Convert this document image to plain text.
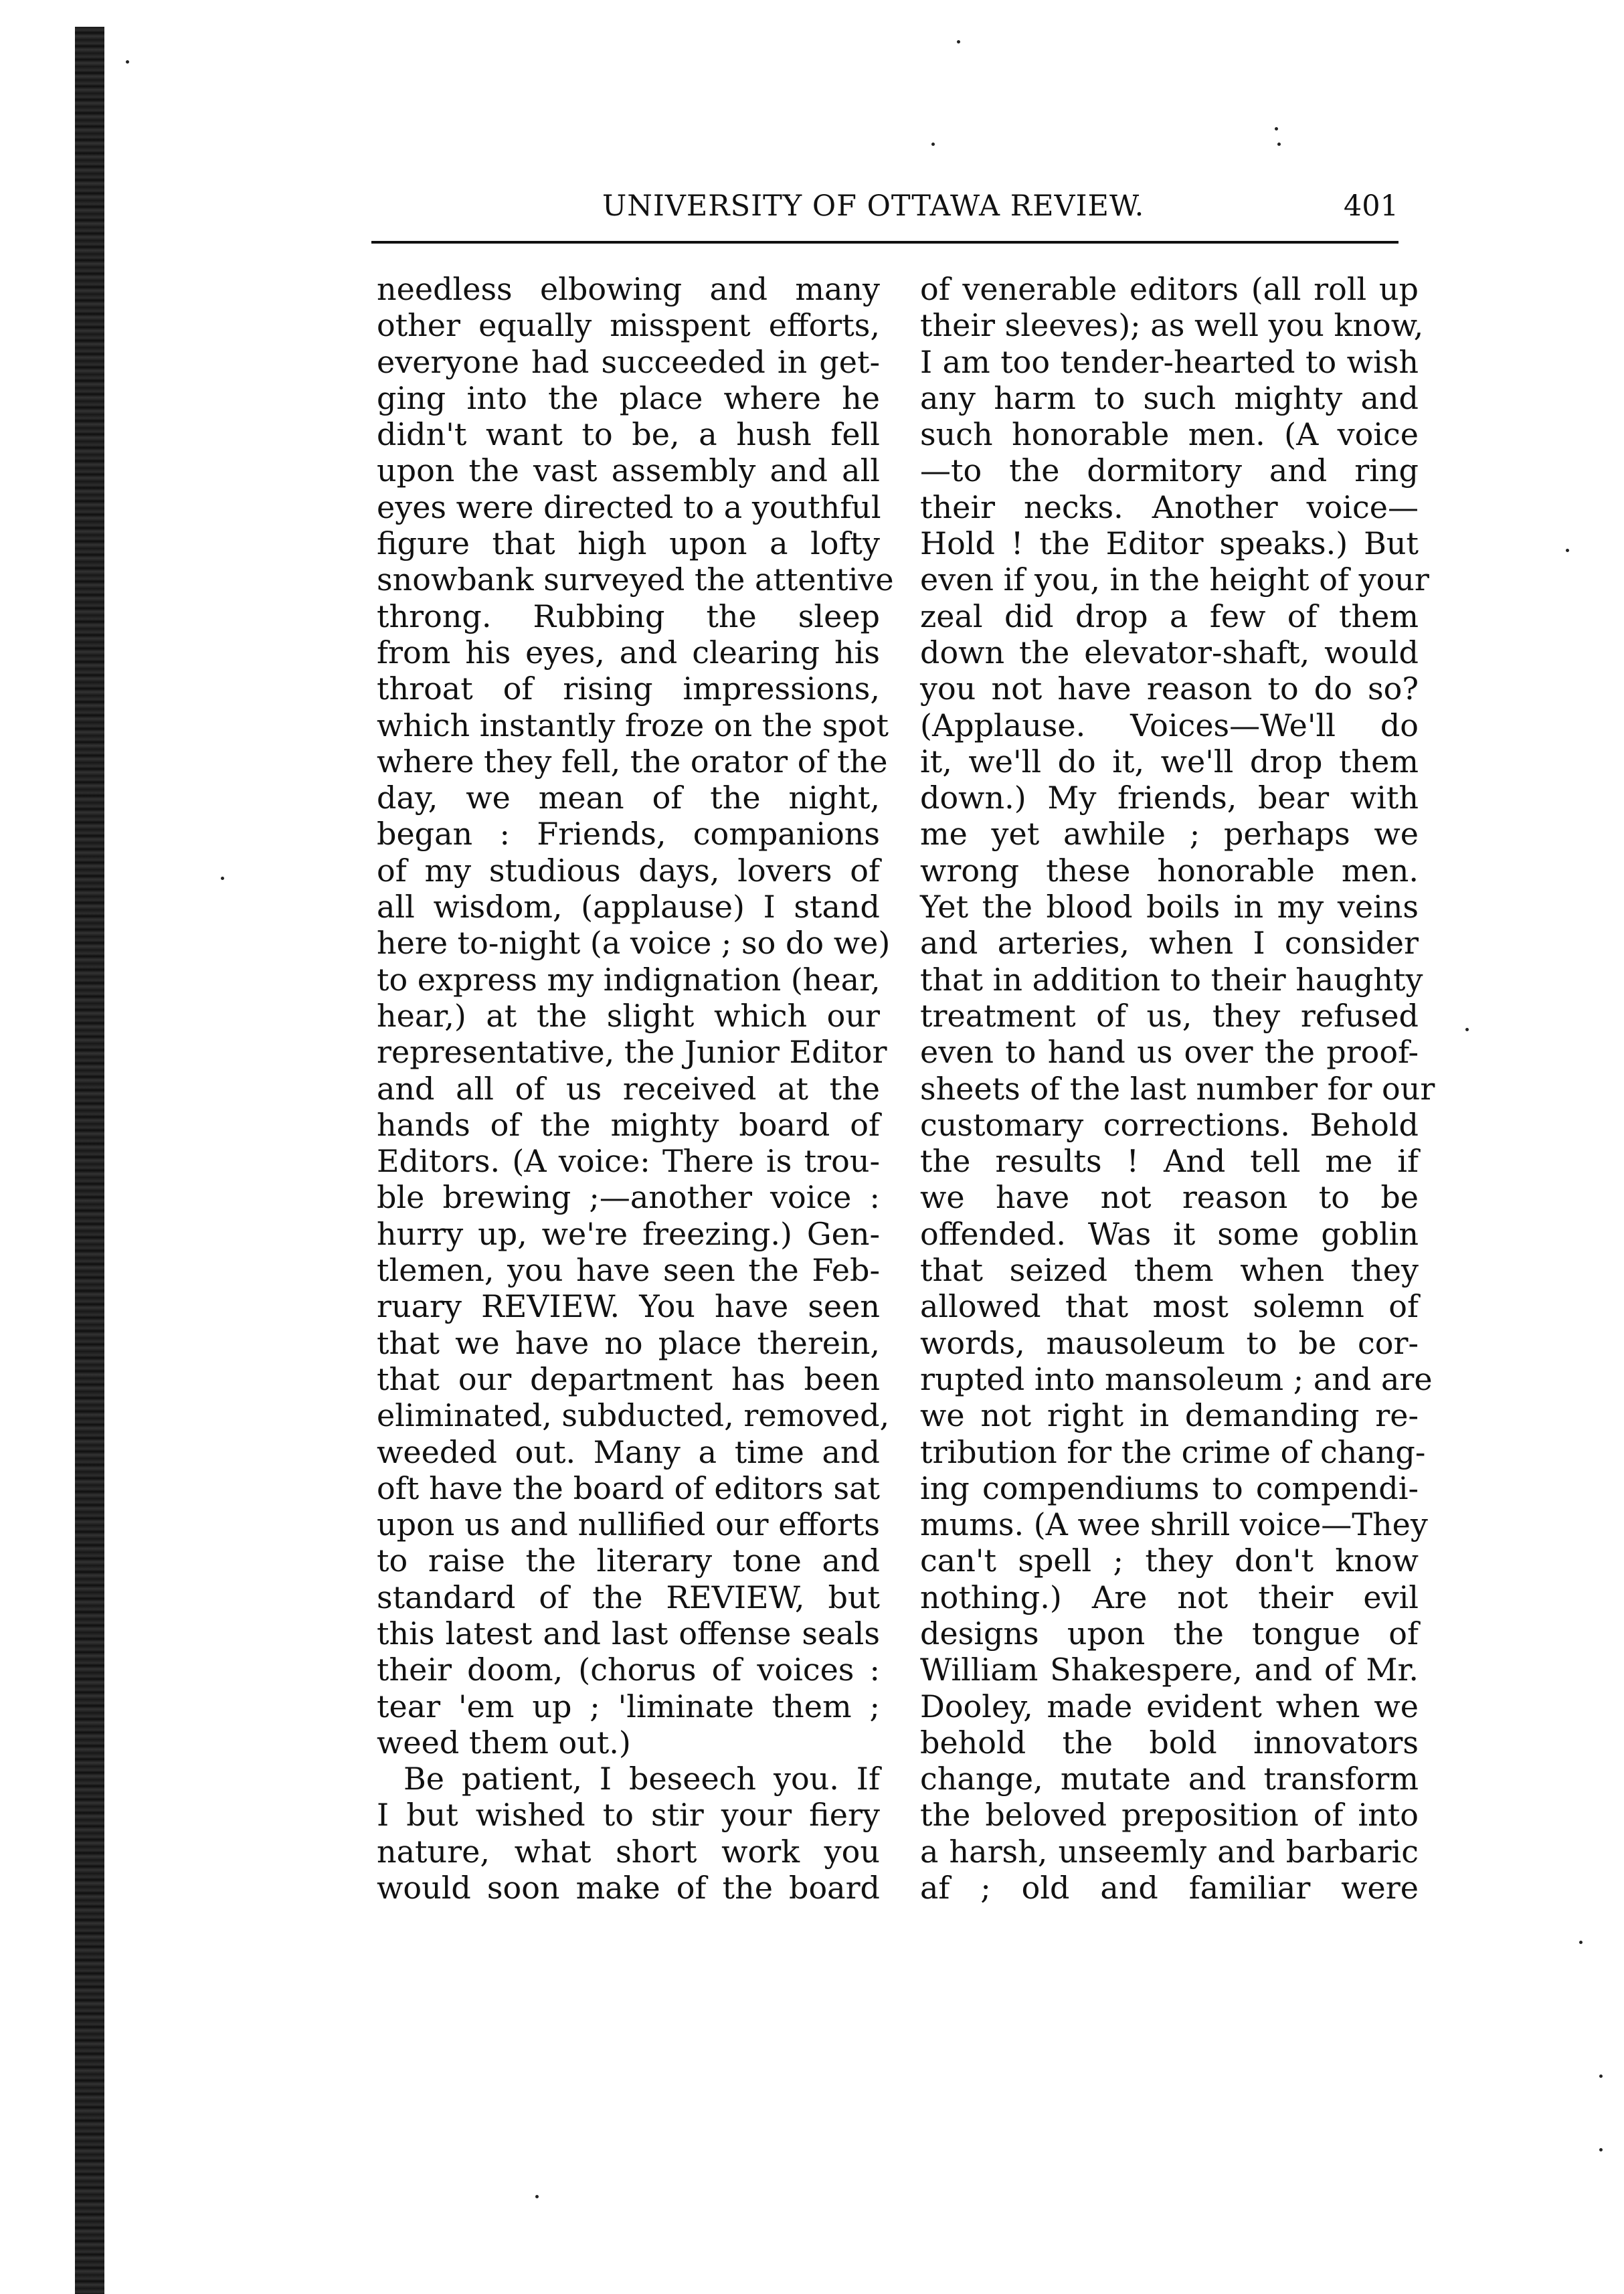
UNIVERSITY OF OTTAWA REVIEW.	401
needless elbowing and many
other equally misspent efforts,
everyone had succeeded in get-
ging into the place where he
didn't want to be, a hush fell
upon the vast assembly and all
eyes were directed to a youthful
figure that high upon a lofty
snowbank surveyed the attentive
throng. Rubbing the sleep
from his eyes, and clearing his
throat of rising impressions,
which instantly froze on the spot
where they fell, the orator of the
day, we mean of the night,
began : Friends, companions
of my studious days, lovers of
all wisdom, (applause) I stand
here to-night (a voice ; so do we)
to express my indignation (hear,
hear,) at the slight which our
representative, the Junior Editor
and all of us received at the
hands of the mighty board of
Editors. (A voice: There is trou-
ble brewing ;—another voice :
hurry up, we're freezing.) Gen-
tlemen, you have seen the Feb-
ruary REVIEW. You have seen
that we have no place therein,
that our department has been
eliminated, subducted, removed,
weeded out. Many a time and
oft have the board of editors sat
upon us and nullified our efforts
to raise the literary tone and
standard of the REVIEW, but
this latest and last offense seals
their doom, (chorus of voices :
tear 'em up ; 'liminate them ;
weed them out.)
Be patient, I beseech you. If
I but wished to stir your fiery
nature, what short work you
would soon make of the board
of venerable editors (all roll up
their sleeves); as well you know,
I am too tender-hearted to wish
any harm to such mighty and
such honorable men. (A voice
—to the dormitory and ring
their necks. Another voice—
Hold ! the Editor speaks.) But
even if you, in the height of your
zeal did drop a few of them
down the elevator-shaft, would
you not have reason to do so?
(Applause. Voices—We'll do
it, we'll do it, we'll drop them
down.) My friends, bear with
me yet awhile ; perhaps we
wrong these honorable men.
Yet the blood boils in my veins
and arteries, when I consider
that in addition to their haughty
treatment of us, they refused
even to hand us over the proof-
sheets of the last number for our
customary corrections. Behold
the results ! And tell me if
we have not reason to be
offended. Was it some goblin
that seized them when they
allowed that most solemn of
words, mausoleum to be cor-
rupted into mansoleum ; and are
we not right in demanding re-
tribution for the crime of chang-
ing compendiums to compendi-
mums. (A wee shrill voice—They
can't spell ; they don't know
nothing.) Are not their evil
designs upon the tongue of
William Shakespere, and of Mr.
Dooley, made evident when we
behold the bold innovators
change, mutate and transform
the beloved preposition of into
a harsh, unseemly and barbaric
af ; old and familiar were
